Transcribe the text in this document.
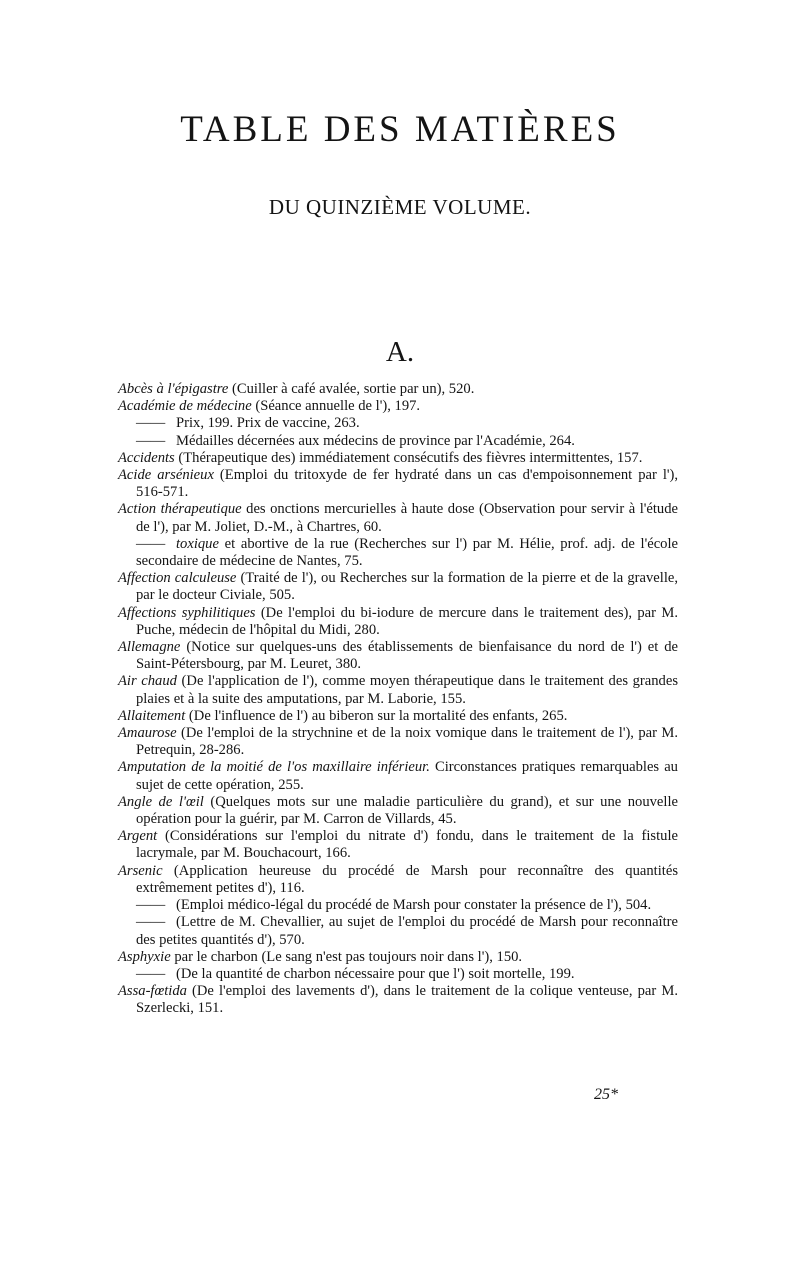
TABLE DES MATIÈRES
DU QUINZIÈME VOLUME.
A.
Abcès à l'épigastre (Cuiller à café avalée, sortie par un), 520.
Académie de médecine (Séance annuelle de l'), 197.
——Prix, 199. Prix de vaccine, 263.
——Médailles décernées aux médecins de province par l'Académie, 264.
Accidents (Thérapeutique des) immédiatement consécutifs des fièvres intermittentes, 157.
Acide arsénieux (Emploi du tritoxyde de fer hydraté dans un cas d'empoisonnement par l'), 516-571.
Action thérapeutique des onctions mercurielles à haute dose (Observation pour servir à l'étude de l'), par M. Joliet, D.-M., à Chartres, 60.
——toxique et abortive de la rue (Recherches sur l') par M. Hélie, prof. adj. de l'école secondaire de médecine de Nantes, 75.
Affection calculeuse (Traité de l'), ou Recherches sur la formation de la pierre et de la gravelle, par le docteur Civiale, 505.
Affections syphilitiques (De l'emploi du bi-iodure de mercure dans le traitement des), par M. Puche, médecin de l'hôpital du Midi, 280.
Allemagne (Notice sur quelques-uns des établissements de bienfaisance du nord de l') et de Saint-Pétersbourg, par M. Leuret, 380.
Air chaud (De l'application de l'), comme moyen thérapeutique dans le traitement des grandes plaies et à la suite des amputations, par M. Laborie, 155.
Allaitement (De l'influence de l') au biberon sur la mortalité des enfants, 265.
Amaurose (De l'emploi de la strychnine et de la noix vomique dans le traitement de l'), par M. Petrequin, 28-286.
Amputation de la moitié de l'os maxillaire inférieur. Circonstances pratiques remarquables au sujet de cette opération, 255.
Angle de l'œil (Quelques mots sur une maladie particulière du grand), et sur une nouvelle opération pour la guérir, par M. Carron de Villards, 45.
Argent (Considérations sur l'emploi du nitrate d') fondu, dans le traitement de la fistule lacrymale, par M. Bouchacourt, 166.
Arsenic (Application heureuse du procédé de Marsh pour reconnaître des quantités extrêmement petites d'), 116.
——(Emploi médico-légal du procédé de Marsh pour constater la présence de l'), 504.
——(Lettre de M. Chevallier, au sujet de l'emploi du procédé de Marsh pour reconnaître des petites quantités d'), 570.
Asphyxie par le charbon (Le sang n'est pas toujours noir dans l'), 150.
——(De la quantité de charbon nécessaire pour que l') soit mortelle, 199.
Assa-fœtida (De l'emploi des lavements d'), dans le traitement de la colique venteuse, par M. Szerlecki, 151.
25*
